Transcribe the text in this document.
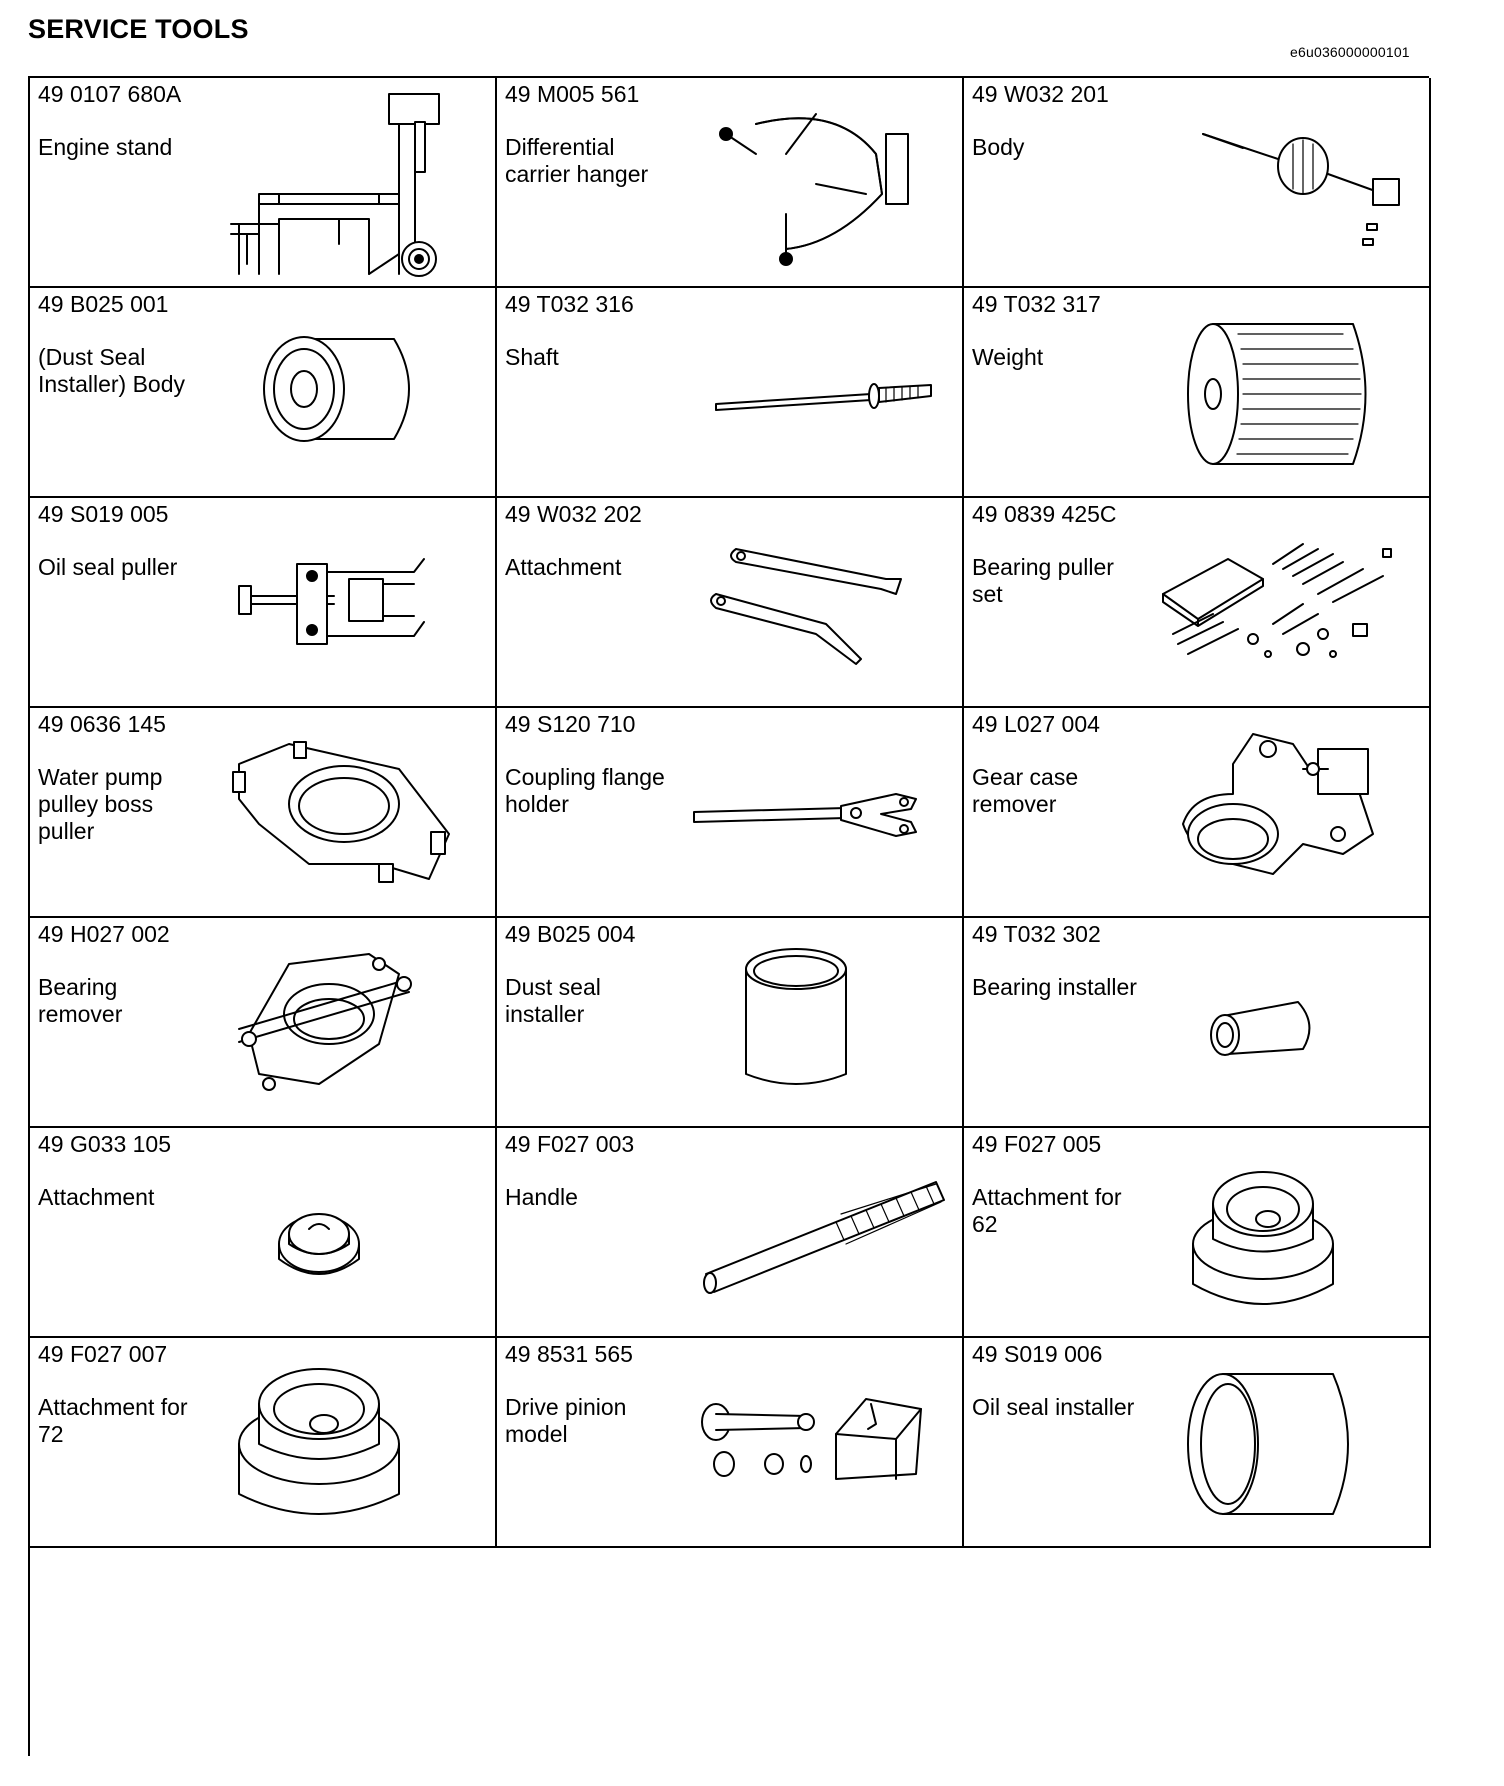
SERVICE TOOLS
e6u036000000101
49 0107 680A
Engine stand
49 M005 561
Differential
carrier hanger
49 W032 201
Body
49 B025 001
(Dust Seal
Installer) Body
49 T032 316
Shaft
49 T032 317
Weight
49 S019 005
Oil seal puller
49 W032 202
Attachment
49 0839 425C
Bearing puller
set
49 0636 145
Water pump
pulley boss
puller
49 S120 710
Coupling flange
holder
49 L027 004
Gear case
remover
49 H027 002
Bearing
remover
49 B025 004
Dust seal
installer
49 T032 302
Bearing installer
49 G033 105
Attachment
49 F027 003
Handle
49 F027 005
Attachment for
62
49 F027 007
Attachment for
72
49 8531 565
Drive pinion
model
49 S019 006
Oil seal installer
